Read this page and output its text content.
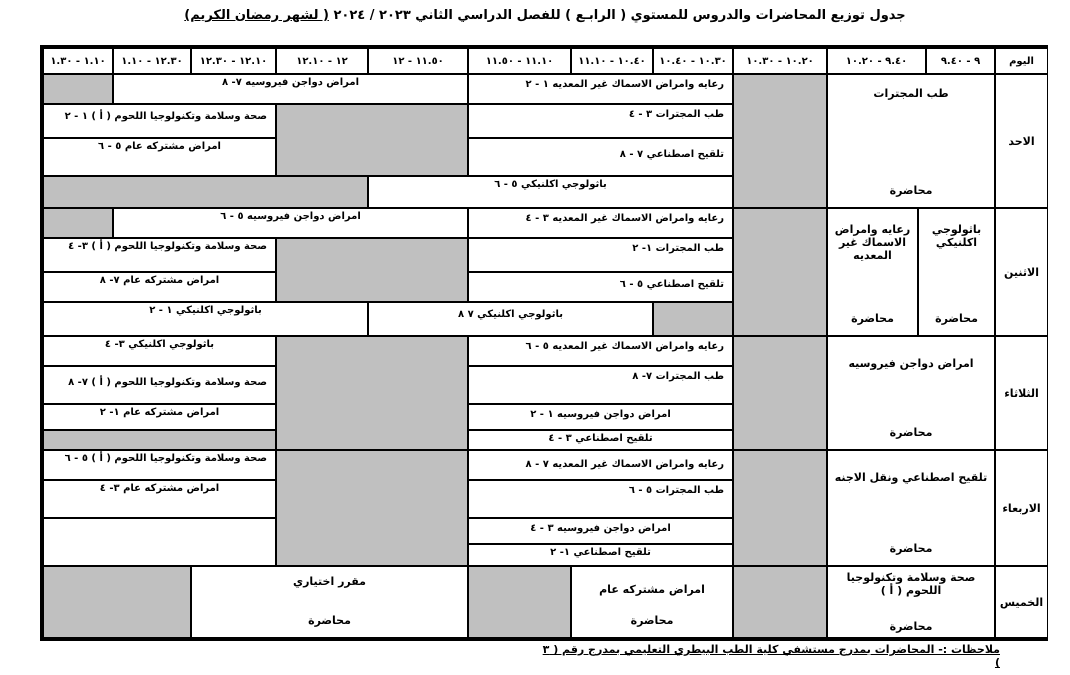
جدول توزيع المحاضرات والدروس للمستوي ( الرابـع ) للفصل الدراسي الثاني ٢٠٢٣ / ٢٠٢٤ ( لشهر رمضان الكريم)
اليوم
٩ - ٩.٤٠
٩.٤٠ - ١٠.٢٠
١٠.٢٠ - ١٠.٣٠
١٠.٣٠ - ١٠.٤٠
١٠.٤٠ - ١١.١٠
١١.١٠ - ١١.٥٠
١١.٥٠ - ١٢
١٢ - ١٢.١٠
١٢.١٠ - ١٢.٣٠
١٢.٣٠ - ١.١٠
١.١٠ - ١.٣٠
الاحد
طب المجترات
محاضرة
رعايه وامراض الاسماك غير المعديه ١ - ٢
طب المجترات ٣ - ٤
تلقيح اصطناعي ٧ - ٨
امراض دواجن فيروسيه ٧- ٨
صحة وسلامة وتكنولوجيا اللحوم ( أ ) ١ - ٢
امراض مشتركه عام ٥ - ٦
باثولوجي اكلنيكي ٥ - ٦
الاثنين
باثولوجي اكلنيكي
محاضرة
رعايه وامراض الاسماك غير المعديه
محاضرة
رعايه وامراض الاسماك غير المعديه ٣ - ٤
طب المجترات ١- ٢
تلقيح اصطناعي ٥ - ٦
باثولوجي اكلنيكي ٧ ٨
امراض دواجن فيروسيه ٥ - ٦
صحة وسلامة وتكنولوجيا اللحوم ( أ ) ٣- ٤
امراض مشتركه عام ٧- ٨
باثولوجي اكلنيكي ١ - ٢
الثلاثاء
امراض دواجن فيروسيه
محاضرة
رعايه وامراض الاسماك غير المعديه ٥ - ٦
طب المجترات ٧- ٨
امراض دواجن فيروسيه ١ - ٢
تلقيح اصطناعي ٣ - ٤
باثولوجي اكلنيكي ٣- ٤
صحة وسلامة وتكنولوجيا اللحوم ( أ ) ٧- ٨
امراض مشتركه عام ١- ٢
الاربعاء
تلقيح اصطناعي ونقل الاجنه
محاضرة
رعايه وامراض الاسماك غير المعديه ٧ - ٨
طب المجترات ٥ - ٦
امراض دواجن فيروسيه ٣ - ٤
تلقيح اصطناعي ١- ٢
صحة وسلامة وتكنولوجيا اللحوم ( أ ) ٥ - ٦
امراض مشتركه عام ٣- ٤
الخميس
صحة وسلامة وتكنولوجيا اللحوم ( أ )
محاضرة
امراض مشتركه عام
محاضرة
مقرر اختياري
محاضرة
ملاحظات :- المحاضرات بمدرج مستشفي كلية الطب البيطري التعليمي بمدرج رقم ( ٣ )
